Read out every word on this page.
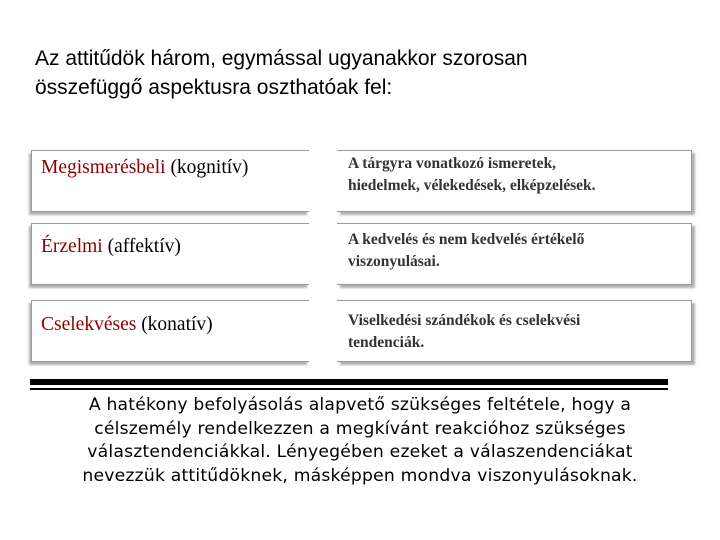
Az attitűdök három, egymással ugyanakkor szorosan
összefüggő aspektusra oszthatóak fel:
Megismerésbeli (kognitív)	A tárgyra vonatkozó ismeretek,
hiedelmek, vélekedések, elképzelések.
Érzelmi (affektív)	A kedvelés és nem kedvelés értékelő
viszonyulásai.
Cselekvéses (konatív)	Viselkedési szándékok és cselekvési
tendenciák.
A hatékony befolyásolás alapvető szükséges feltétele, hogy a
célszemély rendelkezzen a megkívánt reakcióhoz szükséges
választendenciákkal. Lényegében ezeket a válaszendenciákat
nevezzük attitűdöknek, másképpen mondva viszonyulásoknak.
